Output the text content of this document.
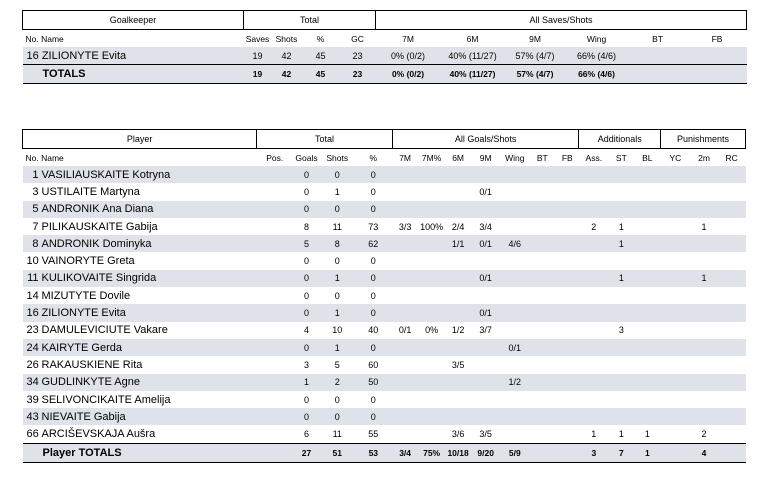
Goalkeeper	Total				All Saves/Shots					
No. Name	Saves	Shots	%	GC	7M	6M	9M	Wing	BT	FB
16 ZILIONYTE Evita	19	42	45	23	0% (0/2)	40% (11/27)	57% (4/7)	66% (4/6)		
TOTALS	19	42	45	23	0% (0/2)	40% (11/27)	57% (4/7)	66% (4/6)		
Player	Total				All Goals/Shots							Additionals			Punishments		
No. Name	Pos.	Goals	Shots	%	7M	7M%	6M	9M	Wing	BT	FB	Ass.	ST	BL	YC	2m	RC
1 VASILIAUSKAITE Kotryna		0	0	0													
3 USTILAITE Martyna		0	1	0				0/1									
5 ANDRONIK Ana Diana		0	0	0													
7 PILIKAUSKAITE Gabija		8	11	73	3/3	100%	2/4	3/4				2	1			1	
8 ANDRONIK Dominyka		5	8	62			1/1	0/1	4/6				1				
10 VAINORYTE Greta		0	0	0													
11 KULIKOVAITE Singrida		0	1	0				0/1					1			1	
14 MIZUTYTE Dovile		0	0	0													
16 ZILIONYTE Evita		0	1	0				0/1									
23 DAMULEVICIUTE Vakare		4	10	40	0/1	0%	1/2	3/7					3				
24 KAIRYTE Gerda		0	1	0					0/1								
26 RAKAUSKIENE Rita		3	5	60			3/5										
34 GUDLINKYTE Agne		1	2	50					1/2								
39 SELIVONCIKAITE Amelija		0	0	0													
43 NIEVAITE Gabija		0	0	0													
66 ARCIŠEVSKAJA Aušra		6	11	55			3/6	3/5				1	1	1		2	
Player TOTALS		27	51	53	3/4	75%	10/18	9/20	5/9			3	7	1		4	
